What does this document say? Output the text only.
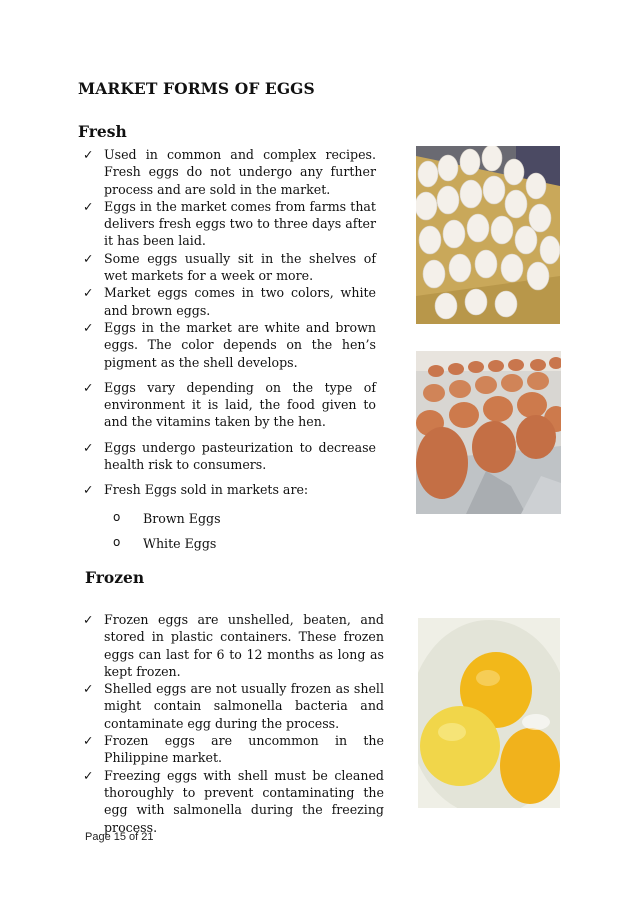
MARKET FORMS OF EGGS
Fresh
✓ Used in common and complex recipes. Fresh eggs do not undergo any further process and are sold in the market.
✓ Eggs in the market comes from farms that delivers fresh eggs two to three days after it has been laid.
✓ Some eggs usually sit in the shelves of wet markets for a week or more.
✓ Market eggs comes in two colors, white and brown eggs.
✓ Eggs in the market are white and brown eggs. The color depends on the hen’s pigment as the shell develops.
✓ Eggs vary depending on the type of environment it is laid, the food given to and the vitamins taken by the hen.
✓ Eggs undergo pasteurization to decrease health risk to consumers.
✓ Fresh Eggs sold in markets are:
o Brown Eggs
o White Eggs
Frozen
✓ Frozen eggs are unshelled, beaten, and stored in plastic containers. These frozen eggs can last for 6 to 12 months as long as kept frozen.
✓ Shelled eggs are not usually frozen as shell might contain salmonella bacteria and contaminate egg during the process.
✓ Frozen eggs are uncommon in the Philippine market.
✓ Freezing eggs with shell must be cleaned thoroughly to prevent contaminating the egg with salmonella during the freezing process.
Page 15 of 21
